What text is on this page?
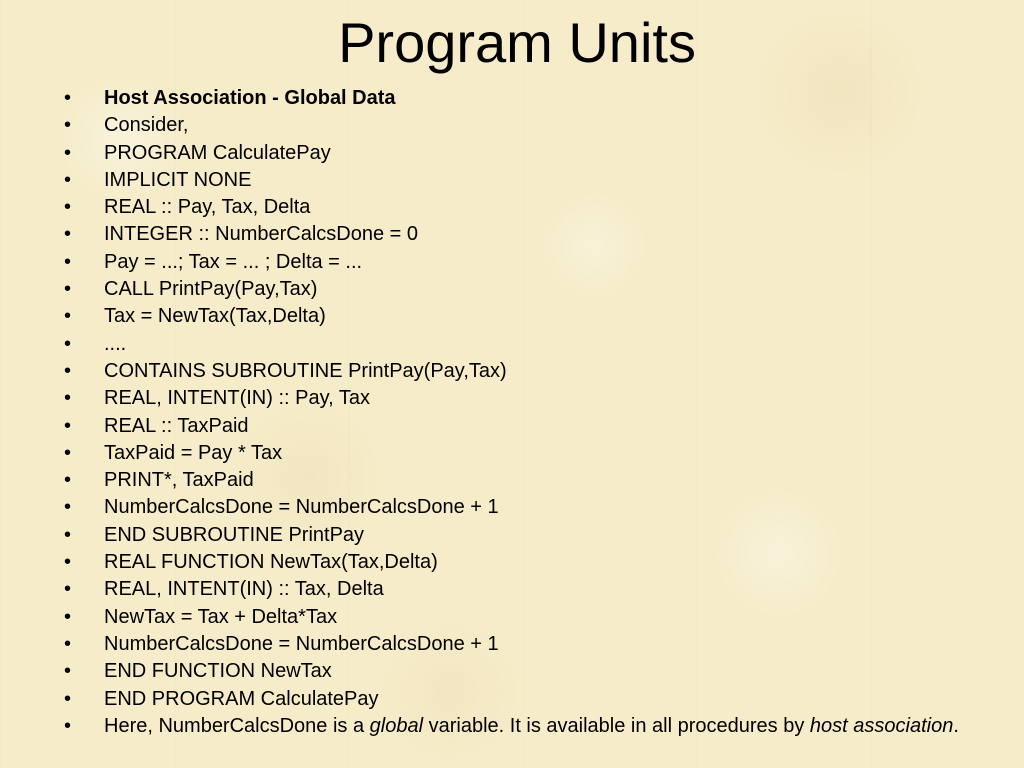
Program Units
• Host Association - Global Data
• Consider,
• PROGRAM CalculatePay
• IMPLICIT NONE
• REAL :: Pay, Tax, Delta
• INTEGER :: NumberCalcsDone = 0
• Pay = ...; Tax = ... ; Delta = ...
• CALL PrintPay(Pay,Tax)
• Tax = NewTax(Tax,Delta)
• ....
• CONTAINS SUBROUTINE PrintPay(Pay,Tax)
• REAL, INTENT(IN) :: Pay, Tax
• REAL :: TaxPaid
• TaxPaid = Pay * Tax
• PRINT*, TaxPaid
• NumberCalcsDone = NumberCalcsDone + 1
• END SUBROUTINE PrintPay
• REAL FUNCTION NewTax(Tax,Delta)
• REAL, INTENT(IN) :: Tax, Delta
• NewTax = Tax + Delta*Tax
• NumberCalcsDone = NumberCalcsDone + 1
• END FUNCTION NewTax
• END PROGRAM CalculatePay
• Here, NumberCalcsDone is a global variable. It is available in all procedures by host association.
